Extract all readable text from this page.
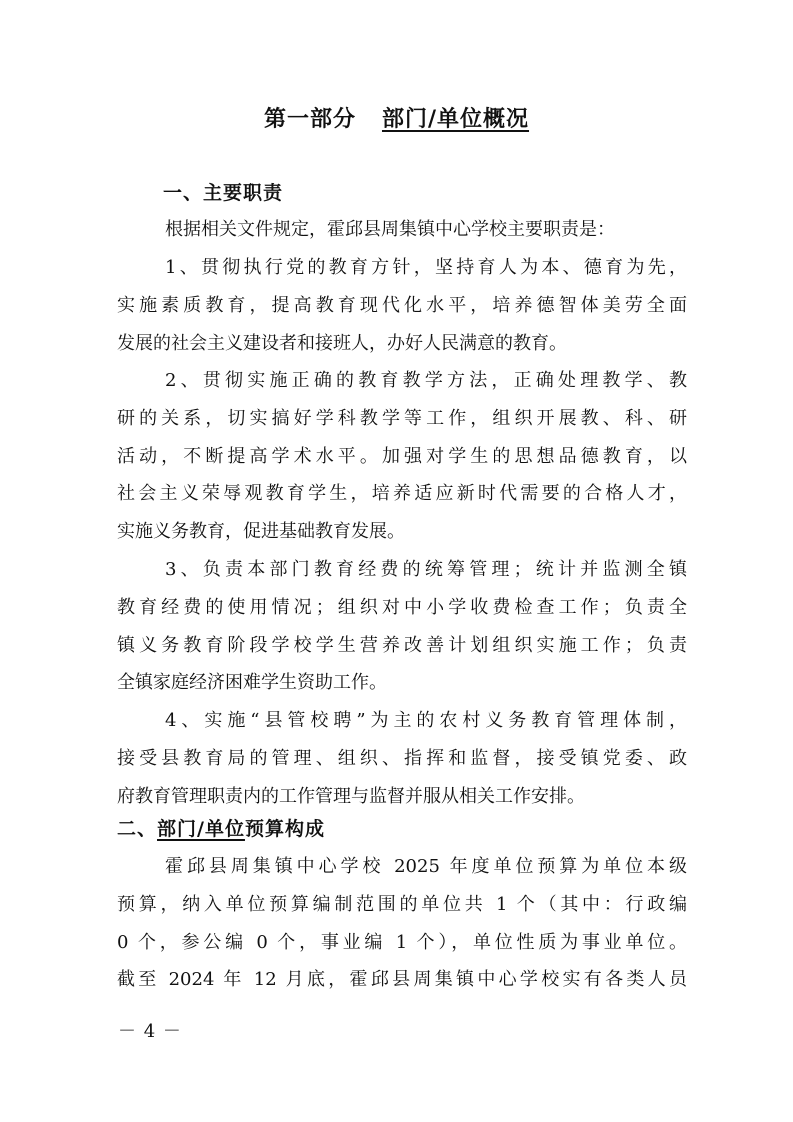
第一部分 部门/单位概况
一、主要职责
根据相关文件规定，霍邱县周集镇中心学校主要职责是：
1、贯彻执行党的教育方针，坚持育人为本、德育为先，
实施素质教育，提高教育现代化水平，培养德智体美劳全面
发展的社会主义建设者和接班人，办好人民满意的教育。
2、贯彻实施正确的教育教学方法，正确处理教学、教
研的关系，切实搞好学科教学等工作，组织开展教、科、研
活动，不断提高学术水平。加强对学生的思想品德教育，以
社会主义荣辱观教育学生，培养适应新时代需要的合格人才，
实施义务教育，促进基础教育发展。
3、负责本部门教育经费的统筹管理；统计并监测全镇
教育经费的使用情况；组织对中小学收费检查工作；负责全
镇义务教育阶段学校学生营养改善计划组织实施工作；负责
全镇家庭经济困难学生资助工作。
4、实施“县管校聘”为主的农村义务教育管理体制，
接受县教育局的管理、组织、指挥和监督，接受镇党委、政
府教育管理职责内的工作管理与监督并服从相关工作安排。
二、部门/单位预算构成
霍邱县周集镇中心学校 2025 年度单位预算为单位本级
预算，纳入单位预算编制范围的单位共 1 个（其中：行政编
0 个，参公编 0 个，事业编 1 个），单位性质为事业单位。
截至 2024 年 12 月底，霍邱县周集镇中心学校实有各类人员
－ 4 －
